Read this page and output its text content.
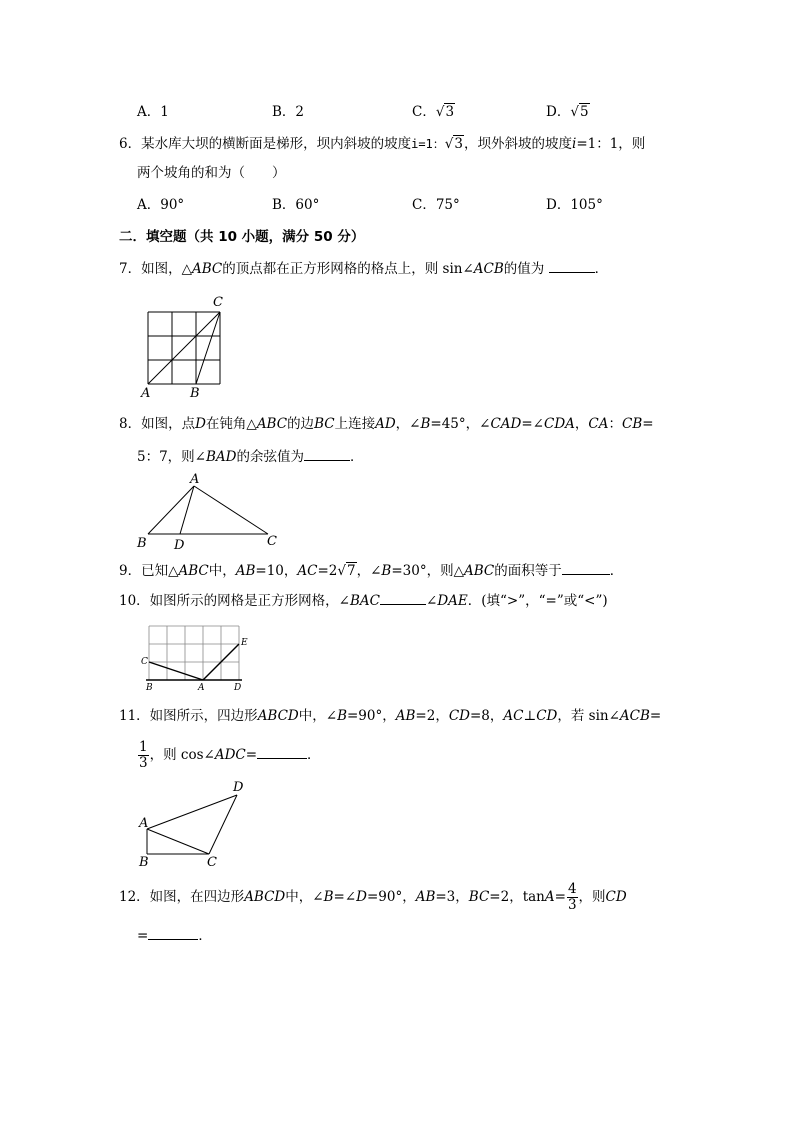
A．1	B．2	C．√3	D．√5
6．某水库大坝的横断面是梯形，坝内斜坡的坡度i=1：√3，坝外斜坡的坡度i=1：1，则
两个坡角的和为（　　）
A．90°	B．60°	C．75°	D．105°
二．填空题（共 10 小题，满分 50 分）
7．如图，△ABC的顶点都在正方形网格的格点上，则 sin∠ACB的值为	．
A	B
C
8．如图，点D在钝角△ABC的边BC上连接AD，∠B=45°，∠CAD=∠CDA，CA：CB=
5：7，则∠BAD的余弦值为	．
A
B D	C
9．已知△ABC中，AB=10，AC=2√7，∠B=30°，则△ABC的面积等于	．
10．如图所示的网格是正方形网格，∠BAC	∠DAE．(填“>”，“=”或“<”)
B
C
A	D
E
11．如图所示，四边形ABCD中，∠B=90°，AB=2，CD=8，AC⊥CD，若 sin∠ACB=
$\frac{1}{3}$ ，则 cos∠ADC=	．
A
B	C
D
12．如图，在四边形ABCD中，∠B=∠D=90°，AB=3，BC=2，$\tan A= \frac{4}{3}$ ，则CD
=	．
